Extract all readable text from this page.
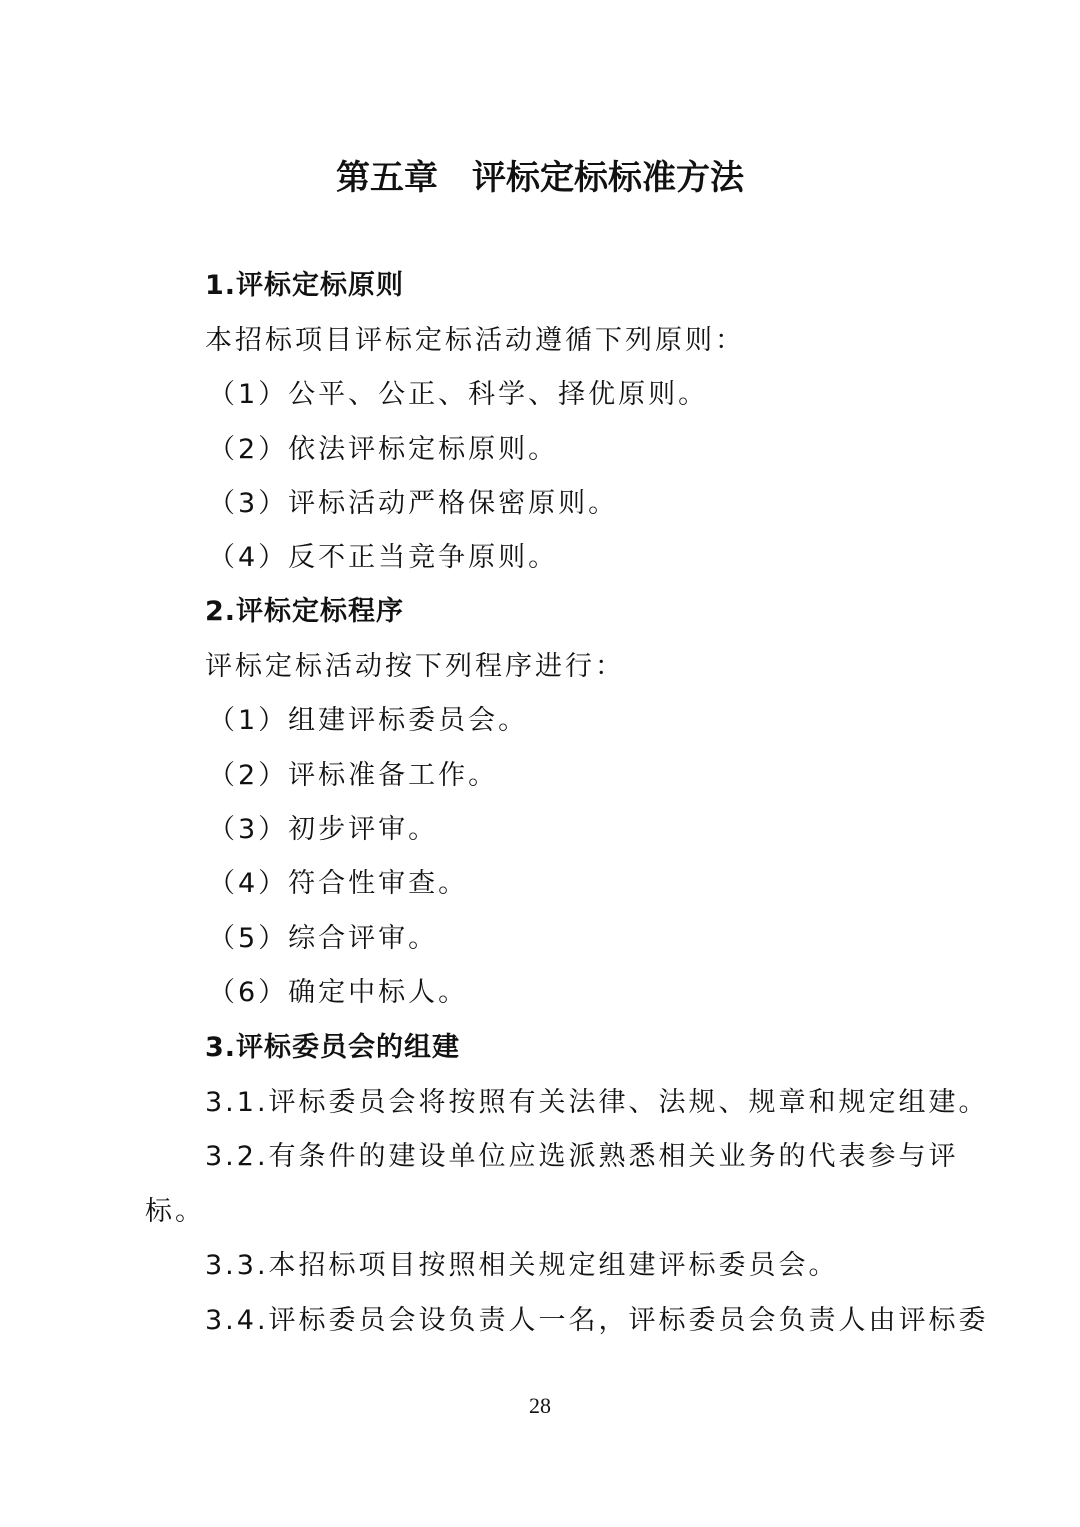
第五章　评标定标标准方法
1.评标定标原则
本招标项目评标定标活动遵循下列原则：
（1）公平、公正、科学、择优原则。
（2）依法评标定标原则。
（3）评标活动严格保密原则。
（4）反不正当竞争原则。
2.评标定标程序
评标定标活动按下列程序进行：
（1）组建评标委员会。
（2）评标准备工作。
（3）初步评审。
（4）符合性审查。
（5）综合评审。
（6）确定中标人。
3.评标委员会的组建
3.1.评标委员会将按照有关法律、法规、规章和规定组建。
3.2.有条件的建设单位应选派熟悉相关业务的代表参与评
标。
3.3.本招标项目按照相关规定组建评标委员会。
3.4.评标委员会设负责人一名，评标委员会负责人由评标委
28
